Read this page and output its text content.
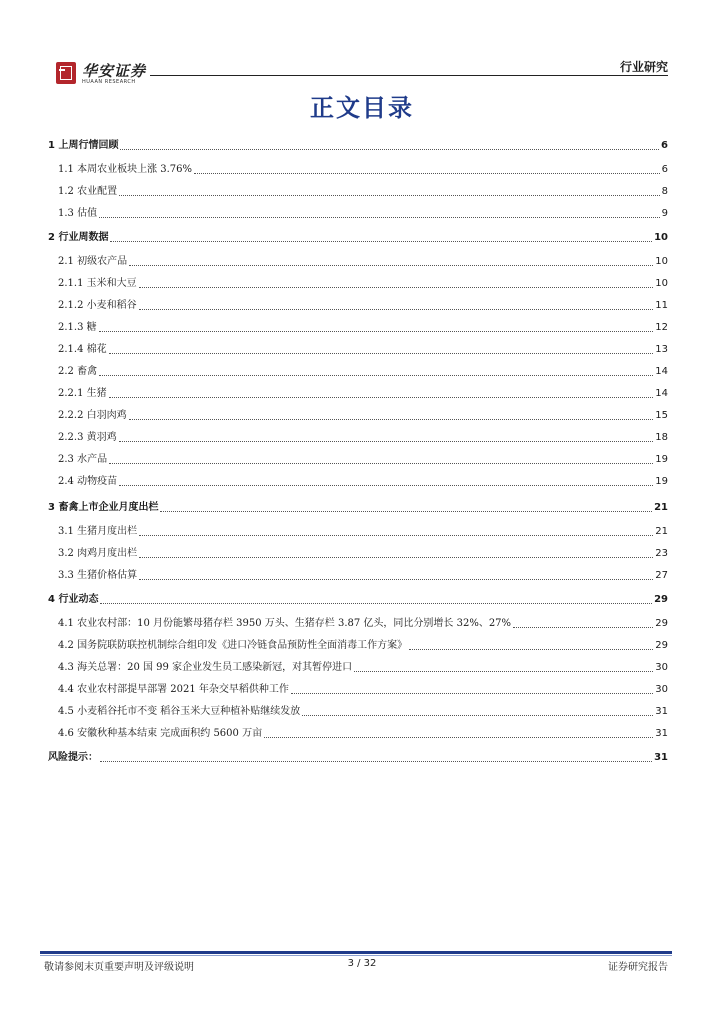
华安证券
HUAAN RESEARCH
行业研究
正文目录
1 上周行情回顾	6
1.1 本周农业板块上涨 3.76%	6
1.2 农业配置	8
1.3 估值	9
2 行业周数据	10
2.1 初级农产品	10
2.1.1 玉米和大豆	10
2.1.2 小麦和稻谷	11
2.1.3 糖	12
2.1.4 棉花	13
2.2 畜禽	14
2.2.1 生猪	14
2.2.2 白羽肉鸡	15
2.2.3 黄羽鸡	18
2.3 水产品	19
2.4 动物疫苗	19
3 畜禽上市企业月度出栏	21
3.1 生猪月度出栏	21
3.2 肉鸡月度出栏	23
3.3 生猪价格估算	27
4 行业动态	29
4.1 农业农村部：10 月份能繁母猪存栏 3950 万头、生猪存栏 3.87 亿头，同比分别增长 32%、27%	29
4.2 国务院联防联控机制综合组印发《进口冷链食品预防性全面消毒工作方案》	29
4.3 海关总署：20 国 99 家企业发生员工感染新冠，对其暂停进口	30
4.4 农业农村部提早部署 2021 年杂交早稻供种工作	30
4.5 小麦稻谷托市不变 稻谷玉米大豆种植补贴继续发放	31
4.6 安徽秋种基本结束 完成面积约 5600 万亩	31
风险提示：	31
敬请参阅末页重要声明及评级说明	3 / 32	证券研究报告
